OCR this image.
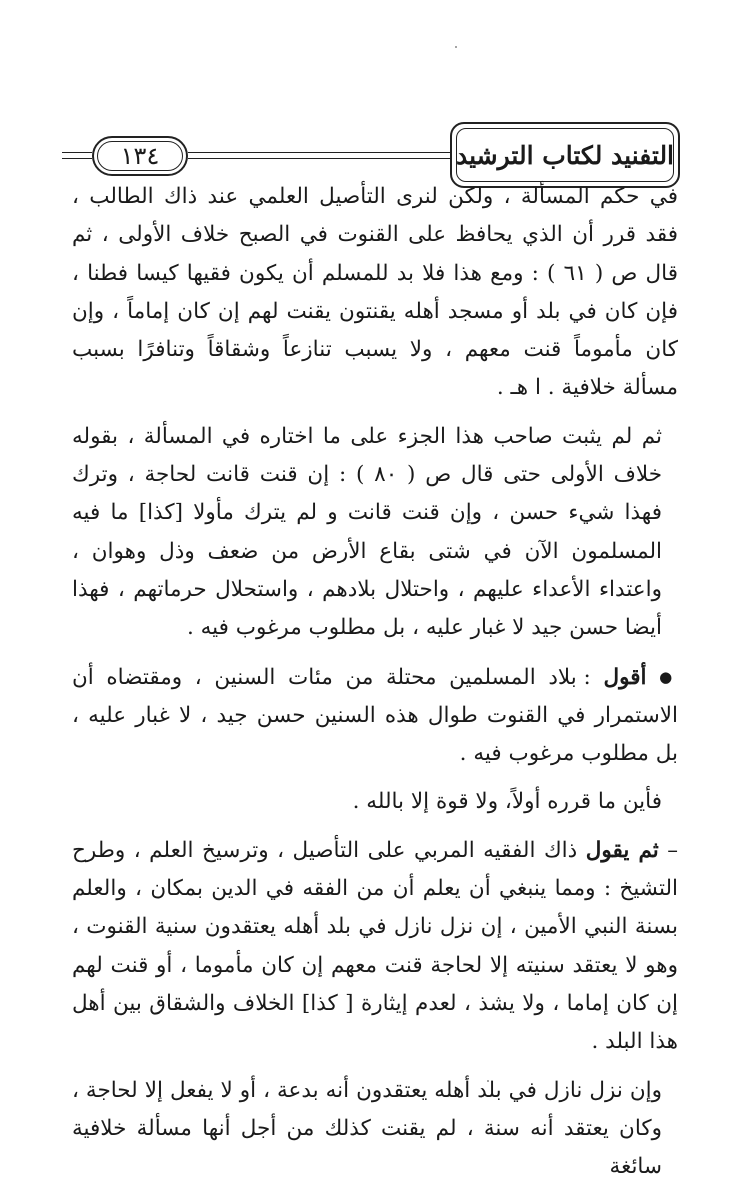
١٣٤	التفنيد لكتاب الترشيد

في حكم المسألة ، ولكن لنرى التأصيل العلمي عند ذاك الطالب ، فقد قرر أن الذي يحافظ على القنوت في الصبح خلاف الأولى ، ثم قال ص ( ٦١ ) : ومع هذا فلا بد للمسلم أن يكون فقيها كيسا فطنا ، فإن كان في بلد أو مسجد أهله يقنتون يقنت لهم إن كان إماماً ، وإن كان مأموماً قنت معهم ، ولا يسبب تنازعاً وشقاقاً وتنافرًا بسبب مسألة خلافية . ا هـ .

ثم لم يثبت صاحب هذا الجزء على ما اختاره في المسألة ، بقوله خلاف الأولى حتى قال ص ( ٨٠ ) : إن قنت قانت لحاجة ، وترك فهذا شيء حسن ، وإن قنت قانت و لم يترك مأولا [كذا] ما فيه المسلمون الآن في شتى بقاع الأرض من ضعف وذل وهوان ، واعتداء الأعداء عليهم ، واحتلال بلادهم ، واستحلال حرماتهم ، فهذا أيضا حسن جيد لا غبار عليه ، بل مطلوب مرغوب فيه .

● أقول : بلاد المسلمين محتلة من مئات السنين ، ومقتضاه أن الاستمرار في القنوت طوال هذه السنين حسن جيد ، لا غبار عليه ، بل مطلوب مرغوب فيه .

فأين ما قرره أولاً، ولا قوة إلا بالله .

– ثم يقول ذاك الفقيه المربي على التأصيل ، وترسيخ العلم ، وطرح التشيخ : ومما ينبغي أن يعلم أن من الفقه في الدين بمكان ، والعلم بسنة النبي الأمين ، إن نزل نازل في بلد أهله يعتقدون سنية القنوت ، وهو لا يعتقد سنيته إلا لحاجة قنت معهم إن كان مأموما ، أو قنت لهم إن كان إماما ، ولا يشذ ، لعدم إيثارة [ كذا] الخلاف والشقاق بين أهل هذا البلد .

وإن نزل نازل في بلد أهله يعتقدون أنه بدعة ، أو لا يفعل إلا لحاجة ، وكان يعتقد أنه سنة ، لم يقنت كذلك من أجل أنها مسألة خلافية سائغة
